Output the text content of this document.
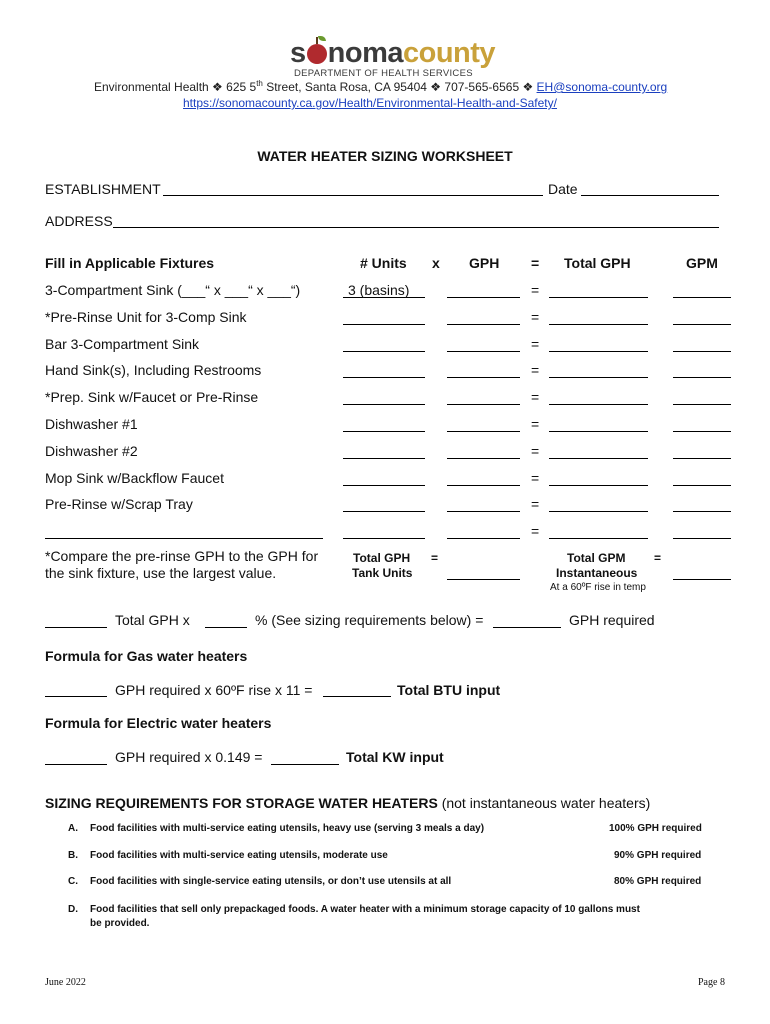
s nomacounty
DEPARTMENT OF HEALTH SERVICES
Environmental Health ❖ 625 5th Street, Santa Rosa, CA 95404 ❖ 707-565-6565 ❖ EH@sonoma-county.org
https://sonomacounty.ca.gov/Health/Environmental-Health-and-Safety/
WATER HEATER SIZING WORKSHEET
ESTABLISHMENT	Date
ADDRESS
Fill in Applicable Fixtures	# Units x GPH = Total GPH	GPM
3-Compartment Sink (___“ x ___“ x ___“)	3 (basins)	=
*Pre-Rinse Unit for 3-Comp Sink	=
Bar 3-Compartment Sink	=
Hand Sink(s), Including Restrooms	=
*Prep. Sink w/Faucet or Pre-Rinse	=
Dishwasher #1	=
Dishwasher #2	=
Mop Sink w/Backflow Faucet	=
Pre-Rinse w/Scrap Tray	=
=
*Compare the pre-rinse GPH to the GPH for
the sink fixture, use the largest value.
Total GPH
Tank Units
=	Total GPM
Instantaneous
=
At a 60ºF rise in temp
Total GPH x	% (See sizing requirements below) =	GPH required
Formula for Gas water heaters
GPH required x 60ºF rise x 11 =	Total BTU input
Formula for Electric water heaters
GPH required x 0.149 =	Total KW input
SIZING REQUIREMENTS FOR STORAGE WATER HEATERS (not instantaneous water heaters)
A. Food facilities with multi-service eating utensils, heavy use (serving 3 meals a day)	100% GPH required
B. Food facilities with multi-service eating utensils, moderate use	90% GPH required
C. Food facilities with single-service eating utensils, or don’t use utensils at all	80% GPH required
D. Food facilities that sell only prepackaged foods. A water heater with a minimum storage capacity of 10 gallons must
be provided.
June 2022	Page 8
